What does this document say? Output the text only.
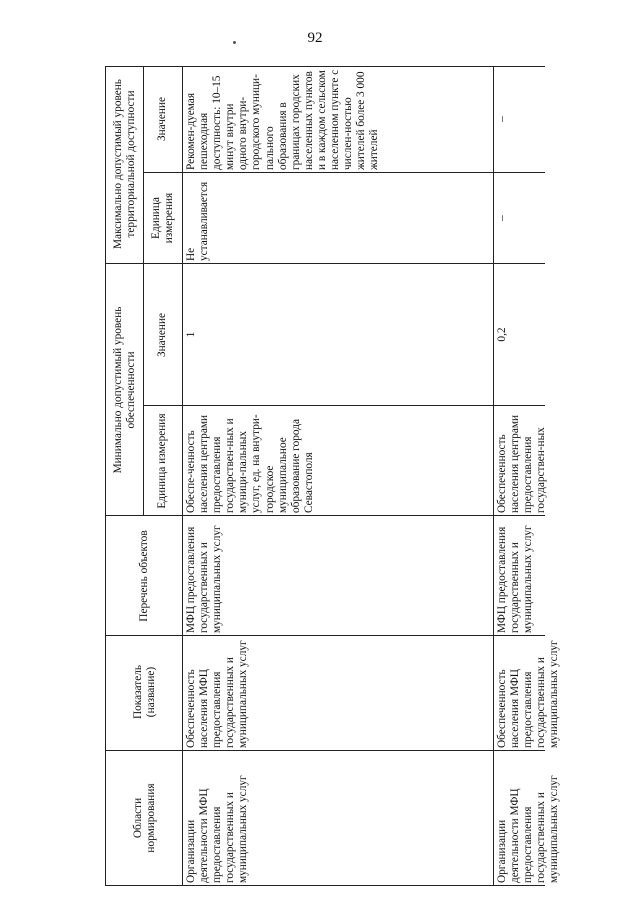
92
Области нормирования
Показатель (название)
Перечень объектов
Минимально допустимый уровень обеспеченности
Максимально допустимый уровень территориальной доступности
Единица измерения
Значение
Единица измерения
Значение
Организации деятельности МФЦ предоставления государственных и муниципальных услуг
Обеспеченность населения МФЦ предоставления государственных и муниципальных услуг
МФЦ предоставления государственных и муниципальных услуг
Обеспе-ченность населения центрами предоставления государствен-ных и муници-пальных услуг, ед. на внутри-городское муниципальное образование города Севастополя
1
Не устанавливается
Рекомен-дуемая пешеходная доступность: 10–15 минут внутри одного внутри-городского муници-пального образования в границах городских населенных пунктов и в каждом сельском населенном пункте с числен-ностью жителей более 3 000 жителей
Организации деятельности МФЦ предоставления государственных и муниципальных услуг
Обеспеченность населения МФЦ предоставления государственных и муниципальных услуг
МФЦ предоставления государственных и муниципальных услуг
Обеспеченность населения центрами предоставления государствен-ных
0,2
–
–
